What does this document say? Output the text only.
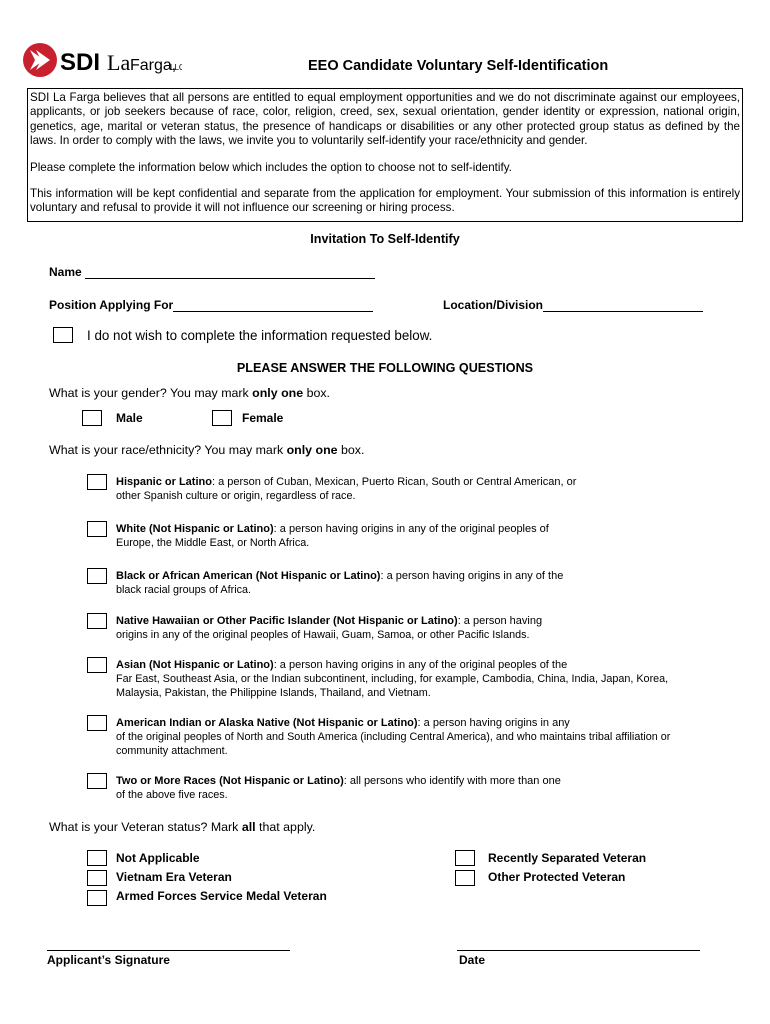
SDI La Farga,
LLC	EEO Candidate Voluntary Self-Identification

SDI La Farga believes that all persons are entitled to equal employment opportunities and we do not discriminate against our employees, applicants, or job seekers because of race, color, religion, creed, sex, sexual orientation, gender identity or expression, national origin, genetics, age, marital or veteran status, the presence of handicaps or disabilities or any other protected group status as defined by the laws. In order to comply with the laws, we invite you to voluntarily self-identify your race/ethnicity and gender.

Please complete the information below which includes the option to choose not to self-identify.

This information will be kept confidential and separate from the application for employment. Your submission of this information is entirely voluntary and refusal to provide it will not influence our screening or hiring process.

Invitation To Self-Identify
Name
Position Applying For	Location/Division
I do not wish to complete the information requested below.
PLEASE ANSWER THE FOLLOWING QUESTIONS
What is your gender? You may mark only one box.
Male	Female
What is your race/ethnicity? You may mark only one box.
Hispanic or Latino: a person of Cuban, Mexican, Puerto Rican, South or Central American, or
other Spanish culture or origin, regardless of race.
White (Not Hispanic or Latino): a person having origins in any of the original peoples of
Europe, the Middle East, or North Africa.
Black or African American (Not Hispanic or Latino): a person having origins in any of the
black racial groups of Africa.
Native Hawaiian or Other Pacific Islander (Not Hispanic or Latino): a person having
origins in any of the original peoples of Hawaii, Guam, Samoa, or other Pacific Islands.
Asian (Not Hispanic or Latino): a person having origins in any of the original peoples of the
Far East, Southeast Asia, or the Indian subcontinent, including, for example, Cambodia, China, India, Japan, Korea, Malaysia, Pakistan, the Philippine Islands, Thailand, and Vietnam.
American Indian or Alaska Native (Not Hispanic or Latino): a person having origins in any
of the original peoples of North and South America (including Central America), and who maintains tribal affiliation or community attachment.
Two or More Races (Not Hispanic or Latino): all persons who identify with more than one
of the above five races.
What is your Veteran status? Mark all that apply.
Not Applicable
Vietnam Era Veteran
Armed Forces Service Medal Veteran
Recently Separated Veteran
Other Protected Veteran
Applicant’s Signature	Date
